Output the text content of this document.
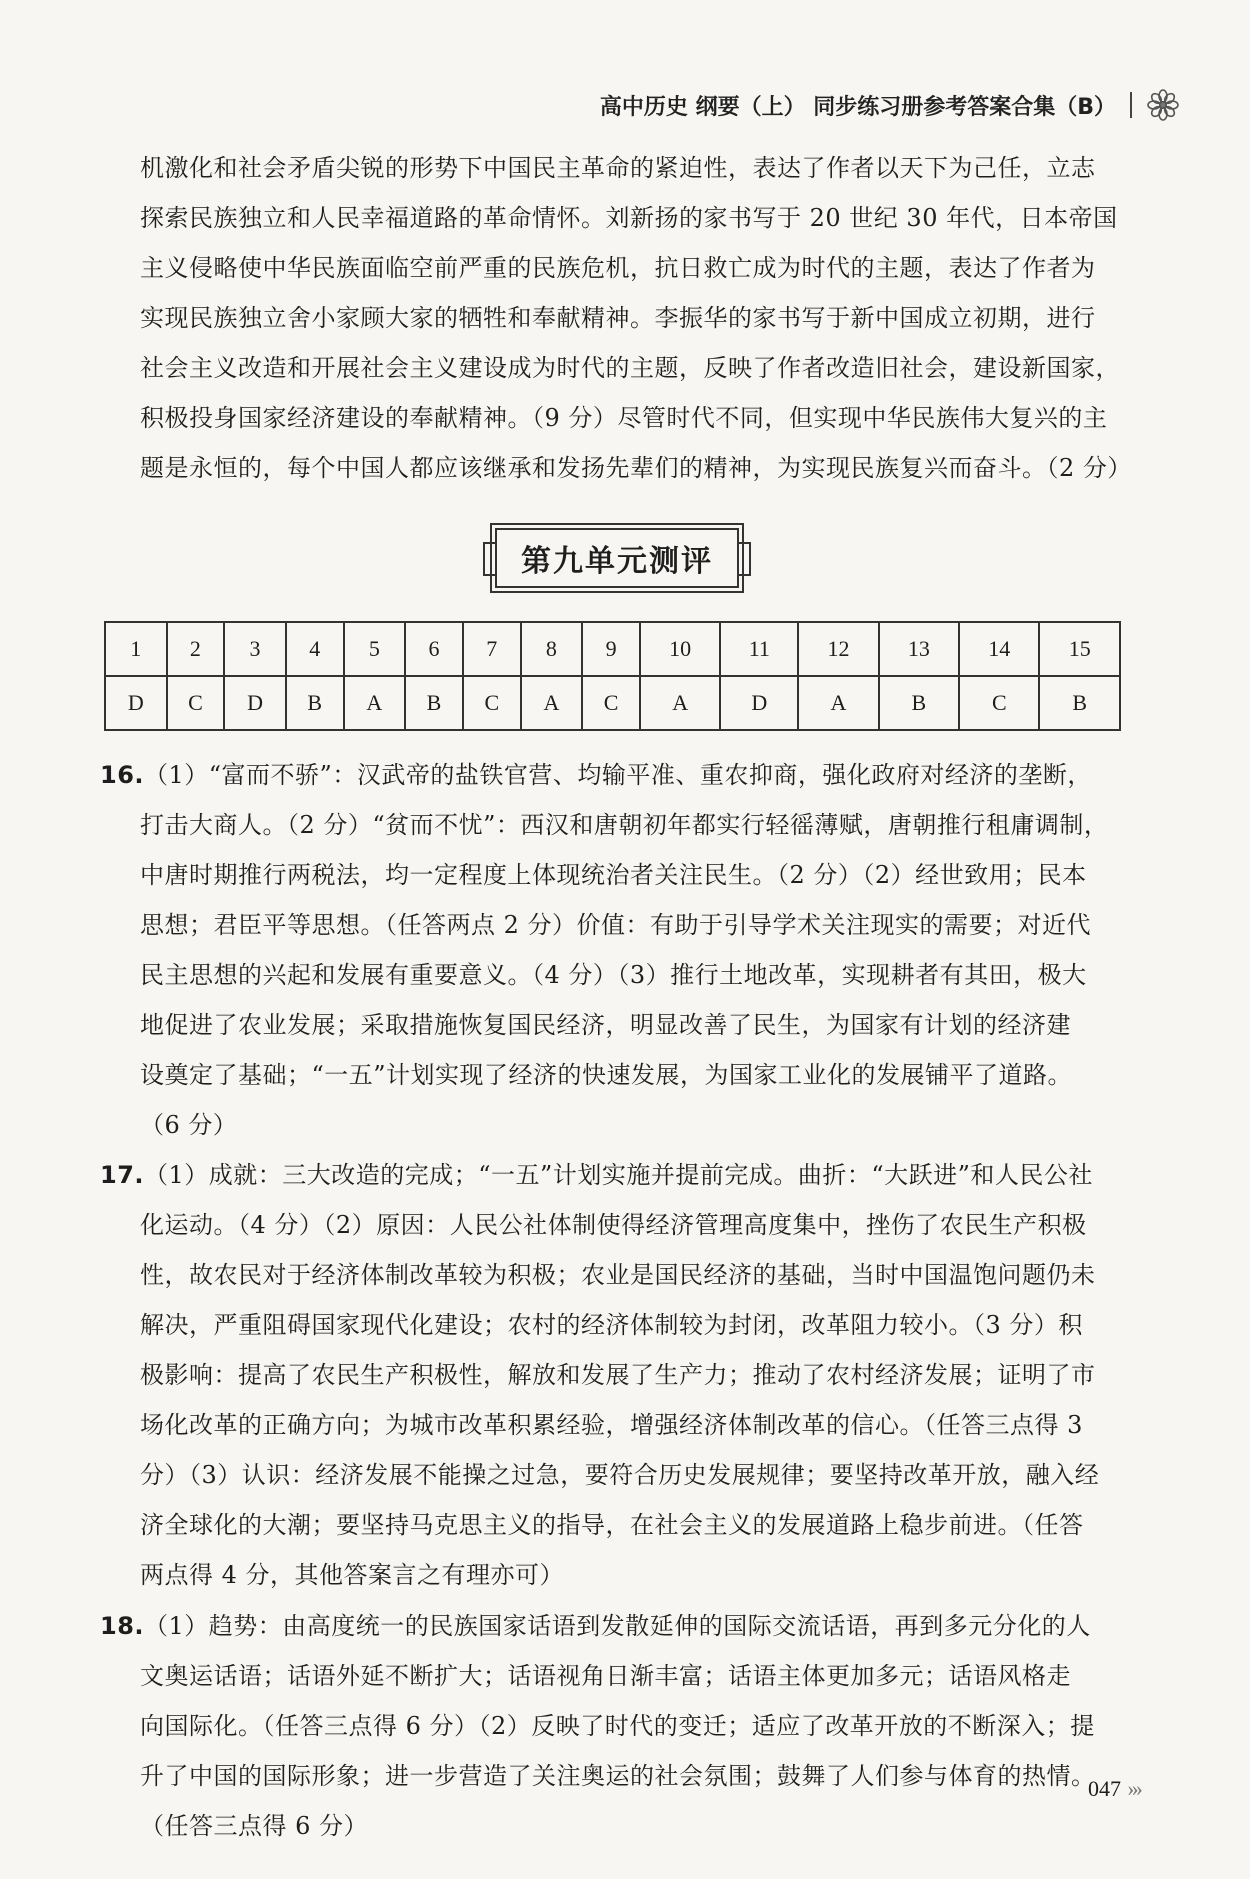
高中历史 纲要（上） 同步练习册参考答案合集（B）
机激化和社会矛盾尖锐的形势下中国民主革命的紧迫性，表达了作者以天下为己任，立志
探索民族独立和人民幸福道路的革命情怀。刘新扬的家书写于 20 世纪 30 年代，日本帝国
主义侵略使中华民族面临空前严重的民族危机，抗日救亡成为时代的主题，表达了作者为
实现民族独立舍小家顾大家的牺牲和奉献精神。李振华的家书写于新中国成立初期，进行
社会主义改造和开展社会主义建设成为时代的主题，反映了作者改造旧社会，建设新国家，
积极投身国家经济建设的奉献精神。（9 分）尽管时代不同，但实现中华民族伟大复兴的主
题是永恒的，每个中国人都应该继承和发扬先辈们的精神，为实现民族复兴而奋斗。（2 分）
第九单元测评
1	2	3	4	5	6	7	8	9	10	11	12	13	14	15
D	C	D	B	A	B	C	A	C	A	D	A	B	C	B
16.（1）“富而不骄”：汉武帝的盐铁官营、均输平准、重农抑商，强化政府对经济的垄断，
打击大商人。（2 分）“贫而不忧”：西汉和唐朝初年都实行轻徭薄赋，唐朝推行租庸调制，
中唐时期推行两税法，均一定程度上体现统治者关注民生。（2 分）（2）经世致用；民本
思想；君臣平等思想。（任答两点 2 分）价值：有助于引导学术关注现实的需要；对近代
民主思想的兴起和发展有重要意义。（4 分）（3）推行土地改革，实现耕者有其田，极大
地促进了农业发展；采取措施恢复国民经济，明显改善了民生，为国家有计划的经济建
设奠定了基础；“一五”计划实现了经济的快速发展，为国家工业化的发展铺平了道路。
（6 分）
17.（1）成就：三大改造的完成；“一五”计划实施并提前完成。曲折：“大跃进”和人民公社
化运动。（4 分）（2）原因：人民公社体制使得经济管理高度集中，挫伤了农民生产积极
性，故农民对于经济体制改革较为积极；农业是国民经济的基础，当时中国温饱问题仍未
解决，严重阻碍国家现代化建设；农村的经济体制较为封闭，改革阻力较小。（3 分）积
极影响：提高了农民生产积极性，解放和发展了生产力；推动了农村经济发展；证明了市
场化改革的正确方向；为城市改革积累经验，增强经济体制改革的信心。（任答三点得 3
分）（3）认识：经济发展不能操之过急，要符合历史发展规律；要坚持改革开放，融入经
济全球化的大潮；要坚持马克思主义的指导，在社会主义的发展道路上稳步前进。（任答
两点得 4 分，其他答案言之有理亦可）
18.（1）趋势：由高度统一的民族国家话语到发散延伸的国际交流话语，再到多元分化的人
文奥运话语；话语外延不断扩大；话语视角日渐丰富；话语主体更加多元；话语风格走
向国际化。（任答三点得 6 分）（2）反映了时代的变迁；适应了改革开放的不断深入；提
升了中国的国际形象；进一步营造了关注奥运的社会氛围；鼓舞了人们参与体育的热情。
（任答三点得 6 分）
047 ›››
